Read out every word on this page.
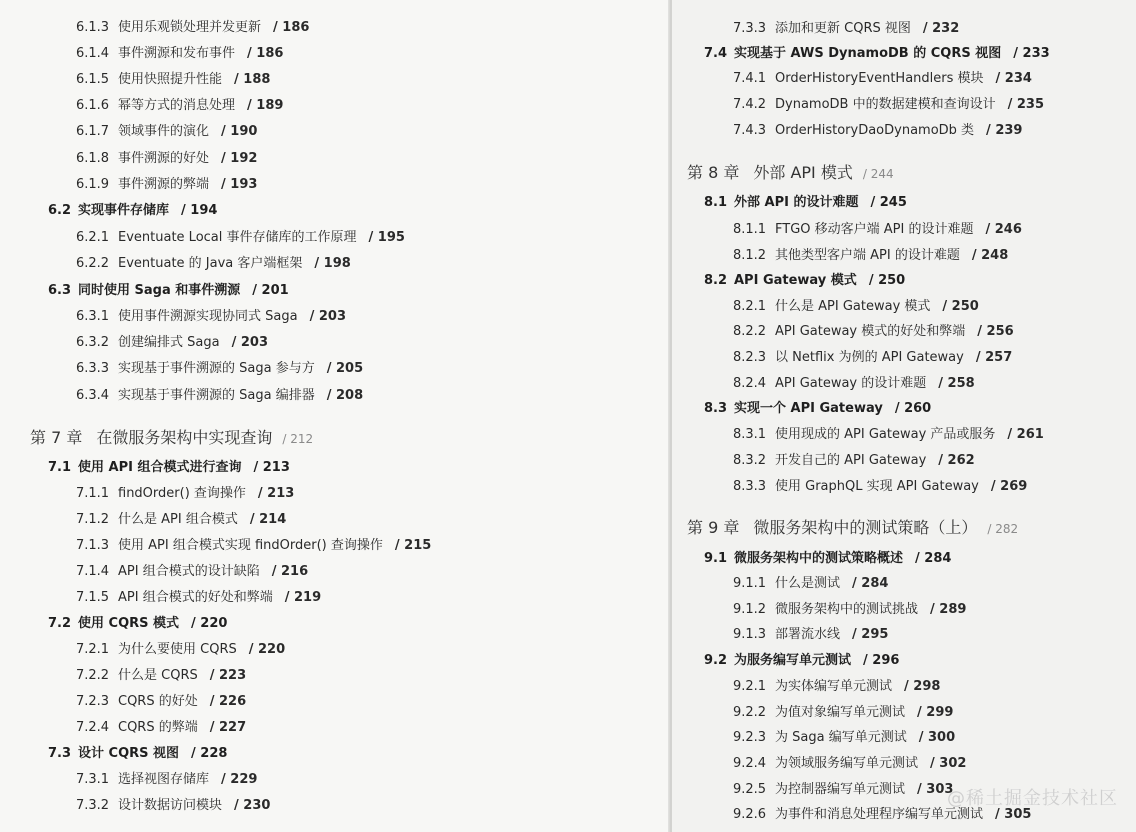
6.1.3 使用乐观锁处理并发更新 / 186
6.1.4 事件溯源和发布事件 / 186
6.1.5 使用快照提升性能 / 188
6.1.6 幂等方式的消息处理 / 189
6.1.7 领域事件的演化 / 190
6.1.8 事件溯源的好处 / 192
6.1.9 事件溯源的弊端 / 193
6.2 实现事件存储库 / 194
6.2.1 Eventuate Local 事件存储库的工作原理 / 195
6.2.2 Eventuate 的 Java 客户端框架 / 198
6.3 同时使用 Saga 和事件溯源 / 201
6.3.1 使用事件溯源实现协同式 Saga / 203
6.3.2 创建编排式 Saga / 203
6.3.3 实现基于事件溯源的 Saga 参与方 / 205
6.3.4 实现基于事件溯源的 Saga 编排器 / 208
第 7 章 在微服务架构中实现查询 / 212
7.1 使用 API 组合模式进行查询 / 213
7.1.1 findOrder() 查询操作 / 213
7.1.2 什么是 API 组合模式 / 214
7.1.3 使用 API 组合模式实现 findOrder() 查询操作 / 215
7.1.4 API 组合模式的设计缺陷 / 216
7.1.5 API 组合模式的好处和弊端 / 219
7.2 使用 CQRS 模式 / 220
7.2.1 为什么要使用 CQRS / 220
7.2.2 什么是 CQRS / 223
7.2.3 CQRS 的好处 / 226
7.2.4 CQRS 的弊端 / 227
7.3 设计 CQRS 视图 / 228
7.3.1 选择视图存储库 / 229
7.3.2 设计数据访问模块 / 230
7.3.3 添加和更新 CQRS 视图 / 232
7.4 实现基于 AWS DynamoDB 的 CQRS 视图 / 233
7.4.1 OrderHistoryEventHandlers 模块 / 234
7.4.2 DynamoDB 中的数据建模和查询设计 / 235
7.4.3 OrderHistoryDaoDynamoDb 类 / 239
第 8 章 外部 API 模式 / 244
8.1 外部 API 的设计难题 / 245
8.1.1 FTGO 移动客户端 API 的设计难题 / 246
8.1.2 其他类型客户端 API 的设计难题 / 248
8.2 API Gateway 模式 / 250
8.2.1 什么是 API Gateway 模式 / 250
8.2.2 API Gateway 模式的好处和弊端 / 256
8.2.3 以 Netflix 为例的 API Gateway / 257
8.2.4 API Gateway 的设计难题 / 258
8.3 实现一个 API Gateway / 260
8.3.1 使用现成的 API Gateway 产品或服务 / 261
8.3.2 开发自己的 API Gateway / 262
8.3.3 使用 GraphQL 实现 API Gateway / 269
第 9 章 微服务架构中的测试策略（上） / 282
9.1 微服务架构中的测试策略概述 / 284
9.1.1 什么是测试 / 284
9.1.2 微服务架构中的测试挑战 / 289
9.1.3 部署流水线 / 295
9.2 为服务编写单元测试 / 296
9.2.1 为实体编写单元测试 / 298
9.2.2 为值对象编写单元测试 / 299
9.2.3 为 Saga 编写单元测试 / 300
9.2.4 为领域服务编写单元测试 / 302
9.2.5 为控制器编写单元测试 / 303
9.2.6 为事件和消息处理程序编写单元测试 / 305
@稀土掘金技术社区
